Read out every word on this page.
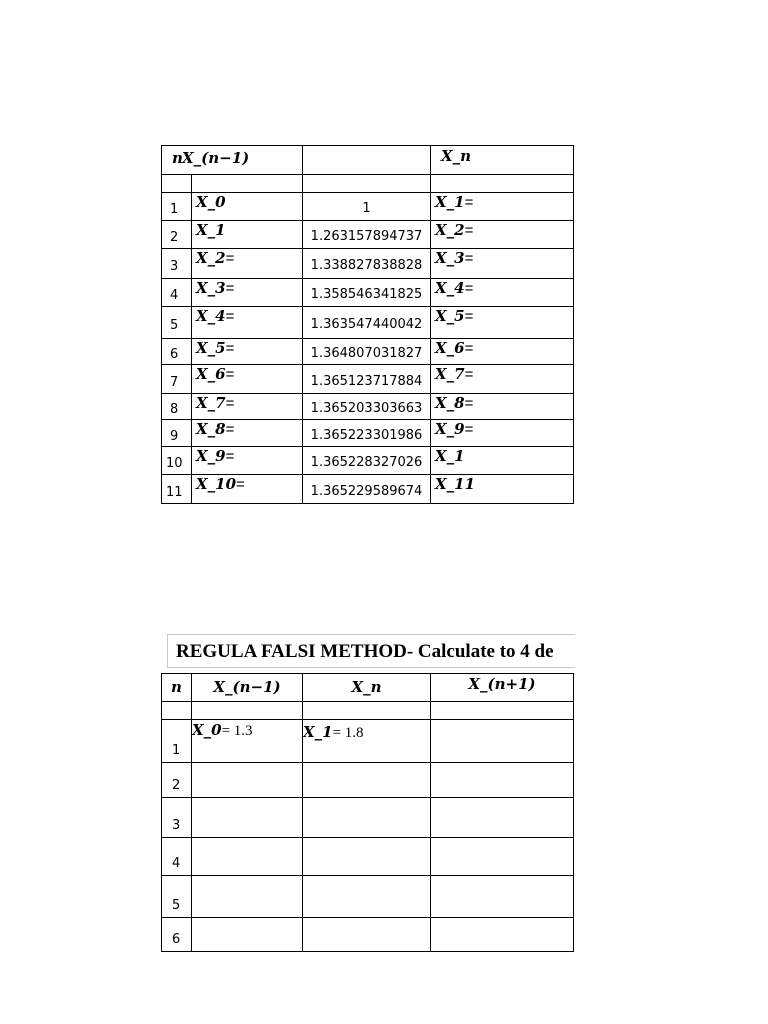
n X_(n−1)			X_n

1	X_0	1	X_1=
2	X_1	1.263157894737	X_2=
3	X_2=	1.338827838828	X_3=
4	X_3=	1.358546341825	X_4=
5	X_4=	1.363547440042	X_5=
6	X_5=	1.364807031827	X_6=
7	X_6=	1.365123717884	X_7=
8	X_7=	1.365203303663	X_8=
9	X_8=	1.365223301986	X_9=
10	X_9=	1.365228327026	X_1
11	X_10=	1.365229589674	X_11
REGULA FALSI METHOD- Calculate to 4 de
n	X_(n−1)	X_n	X_(n+1)

1	X_0= 1.3	X_1= 1.8	

2			
3			
4			
5			
6			
